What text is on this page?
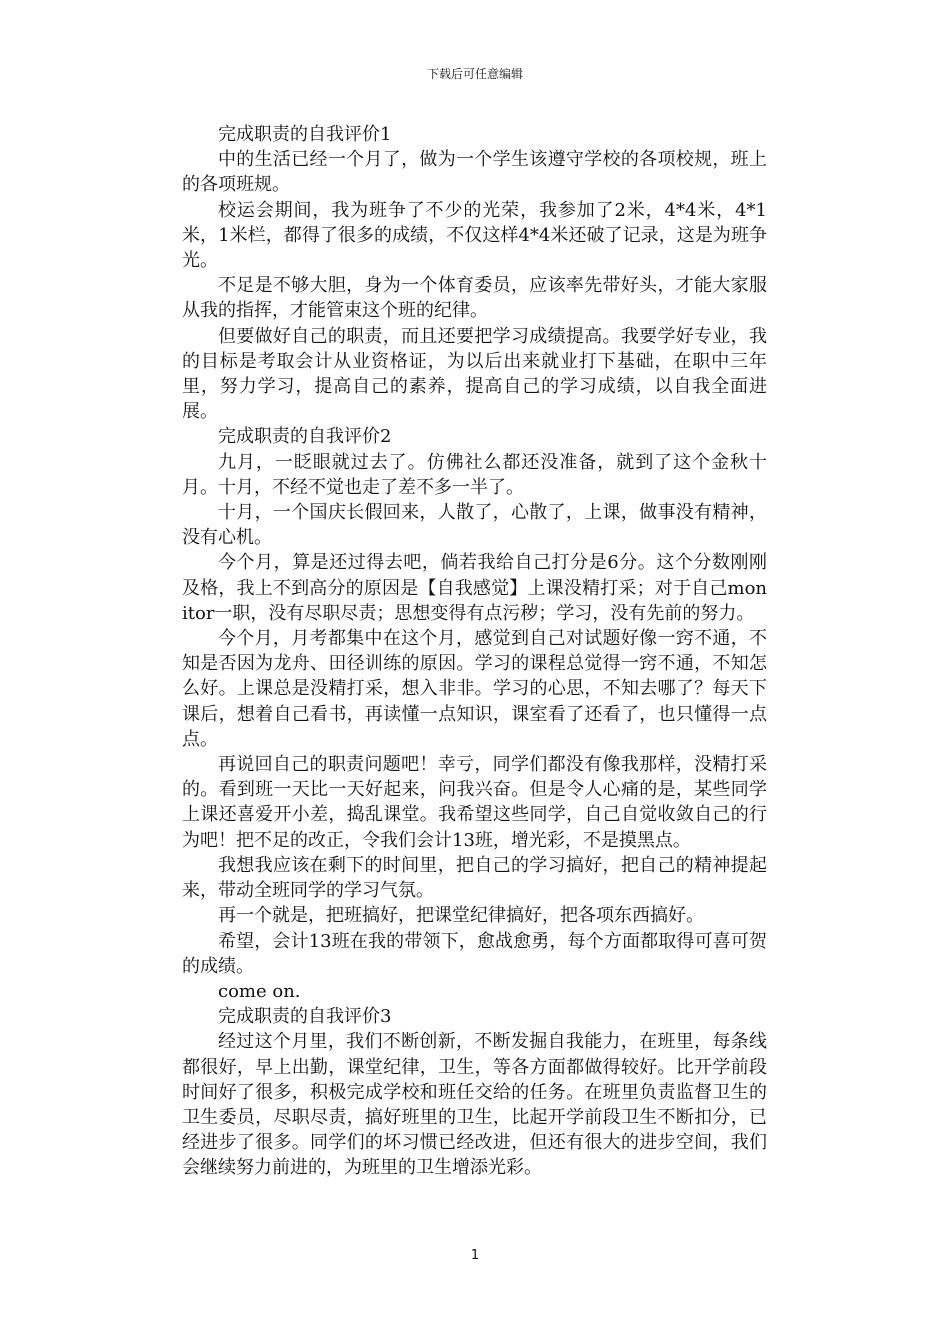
下载后可任意编辑

完成职责的自我评价1

中的生活已经一个月了，做为一个学生该遵守学校的各项校规，班上的各项班规。

校运会期间，我为班争了不少的光荣，我参加了2米，4*4米，4*1米，1米栏，都得了很多的成绩，不仅这样4*4米还破了记录，这是为班争光。

不足是不够大胆，身为一个体育委员，应该率先带好头，才能大家服从我的指挥，才能管束这个班的纪律。

但要做好自己的职责，而且还要把学习成绩提高。我要学好专业，我的目标是考取会计从业资格证，为以后出来就业打下基础，在职中三年里，努力学习，提高自己的素养，提高自己的学习成绩，以自我全面进展。

完成职责的自我评价2

九月，一眨眼就过去了。仿佛社么都还没准备，就到了这个金秋十月。十月，不经不觉也走了差不多一半了。

十月，一个国庆长假回来，人散了，心散了，上课，做事没有精神，没有心机。

今个月，算是还过得去吧，倘若我给自己打分是6分。这个分数刚刚及格，我上不到高分的原因是【自我感觉】上课没精打采；对于自己monitor一职，没有尽职尽责；思想变得有点污秽；学习，没有先前的努力。

今个月，月考都集中在这个月，感觉到自己对试题好像一窍不通，不知是否因为龙舟、田径训练的原因。学习的课程总觉得一窍不通，不知怎么好。上课总是没精打采，想入非非。学习的心思，不知去哪了？每天下课后，想着自己看书，再读懂一点知识，课室看了还看了，也只懂得一点点。

再说回自己的职责问题吧！幸亏，同学们都没有像我那样，没精打采的。看到班一天比一天好起来，问我兴奋。但是令人心痛的是，某些同学上课还喜爱开小差，捣乱课堂。我希望这些同学，自己自觉收敛自己的行为吧！把不足的改正，令我们会计13班，增光彩，不是摸黑点。

我想我应该在剩下的时间里，把自己的学习搞好，把自己的精神提起来，带动全班同学的学习气氛。

再一个就是，把班搞好，把课堂纪律搞好，把各项东西搞好。

希望，会计13班在我的带领下，愈战愈勇，每个方面都取得可喜可贺的成绩。

come on.

完成职责的自我评价3

经过这个月里，我们不断创新，不断发掘自我能力，在班里，每条线都很好，早上出勤，课堂纪律，卫生，等各方面都做得较好。比开学前段时间好了很多，积极完成学校和班任交给的任务。在班里负责监督卫生的卫生委员，尽职尽责，搞好班里的卫生，比起开学前段卫生不断扣分，已经进步了很多。同学们的坏习惯已经改进，但还有很大的进步空间，我们会继续努力前进的，为班里的卫生增添光彩。

1
